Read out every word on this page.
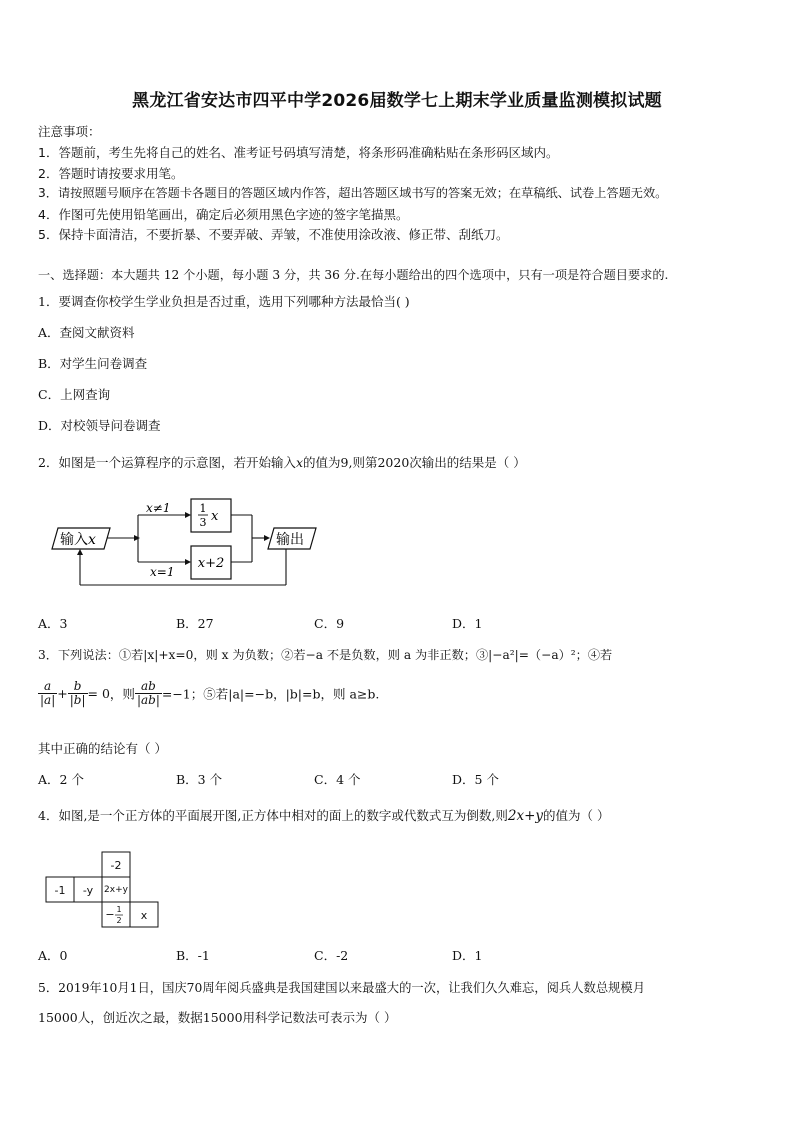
黑龙江省安达市四平中学2026届数学七上期末学业质量监测模拟试题
注意事项：
1．答题前，考生先将自己的姓名、准考证号码填写清楚，将条形码准确粘贴在条形码区域内。
2．答题时请按要求用笔。
3．请按照题号顺序在答题卡各题目的答题区域内作答，超出答题区域书写的答案无效；在草稿纸、试卷上答题无效。
4．作图可先使用铅笔画出，确定后必须用黑色字迹的签字笔描黑。
5．保持卡面清洁，不要折暴、不要弄破、弄皱，不准使用涂改液、修正带、刮纸刀。
一、选择题：本大题共 12 个小题，每小题 3 分，共 36 分.在每小题给出的四个选项中，只有一项是符合题目要求的.
1．要调查你校学生学业负担是否过重，选用下列哪种方法最恰当( )
A．查阅文献资料
B．对学生问卷调查
C．上网查询
D．对校领导问卷调查
2．如图是一个运算程序的示意图，若开始输入x的值为9,则第2020次输出的结果是（ ）
输入x
x≠1
x=1
1
3 x
x+2
输出
A．3	B．27	C．9	D．1
3．下列说法：①若|x|+x=0，则 x 为负数；②若−a 不是负数，则 a 为非正数；③|−a²|=（−a）²；④若
$\frac{a}{|a|} + \frac{b}{|b|} = 0$，则 $\frac{ab}{|ab|} =-1$；⑤若|a|=−b，|b|=b，则 a≥b.
其中正确的结论有（ ）
A．2 个	B．3 个	C．4 个	D．5 个
4．如图,是一个正方体的平面展开图,正方体中相对的面上的数字或代数式互为倒数,则2x+y的值为（ ）
-2
-1 -y 2x+y
− 1
2 x
A．0	B．-1	C．-2	D．1
5．2019年10月1日，国庆70周年阅兵盛典是我国建国以来最盛大的一次，让我们久久难忘，阅兵人数总规模月
15000人，创近次之最，数据15000用科学记数法可表示为（ ）
